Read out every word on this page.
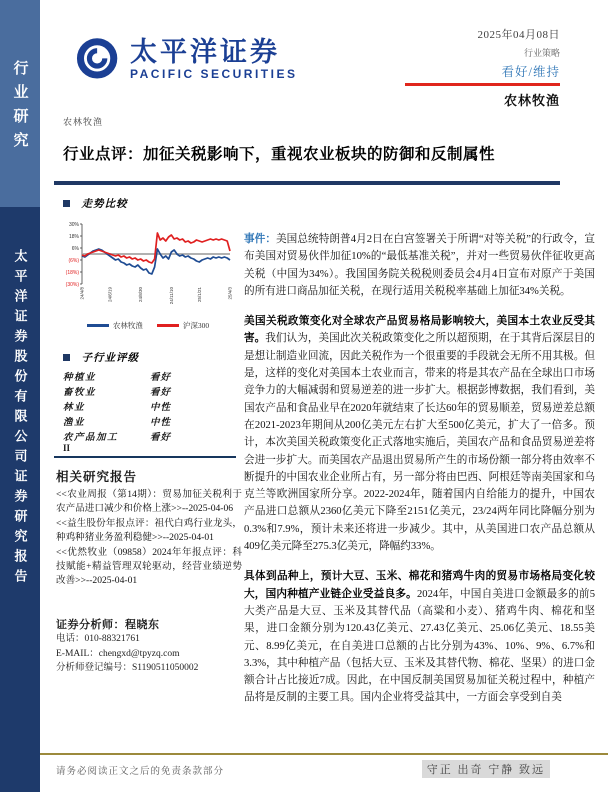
行业研究
太平洋证券股份有限公司证券研究报告
太平洋证券
PACIFIC SECURITIES
2025年04月08日
行业策略
看好/维持
农林牧渔
农林牧渔
行业点评：加征关税影响下，重视农业板块的防御和反制属性
走势比较
30%
18%
6%
(6%)
(18%)
(30%)
24/4/8	24/6/19	24/8/30	24/11/10	25/1/21	25/4/3
农林牧渔	沪深300
子行业评级
种植业	看好
畜牧业	看好
林业	中性
渔业	中性
农产品加工	看好
II
相关研究报告

<<农业周报（第14期）：贸易加征关税利于农产品进口减少和价格上涨>>--2025-04-06

<<益生股份年报点评：祖代白鸡行业龙头，种鸡种猪业务盈利稳健>>--2025-04-01

<<优然牧业（09858）2024年年报点评：科技赋能+精益管理双轮驱动，经营业绩逆势改善>>--2025-04-01

证券分析师：程晓东
电话：010-88321761
E-MAIL：chengxd@tpyzq.com
分析师登记编号：S1190511050002

事件：美国总统特朗普4月2日在白宫签署关于所谓“对等关税”的行政令，宣布美国对贸易伙伴加征10%的“最低基准关税”，并对一些贸易伙伴征收更高关税（中国为34%）。我国国务院关税税则委员会4月4日宣布对原产于美国的所有进口商品加征关税，在现行适用关税税率基础上加征34%关税。

美国关税政策变化对全球农产品贸易格局影响较大，美国本土农业反受其害。我们认为，美国此次关税政策变化之所以超预期，在于其背后深层目的是想让制造业回流，因此关税作为一个很重要的手段就会无所不用其极。但是，这样的变化对美国本土农业而言，带来的将是其农产品在全球出口市场竞争力的大幅减弱和贸易逆差的进一步扩大。根据彭博数据，我们看到，美国农产品和食品业早在2020年就结束了长达60年的贸易顺差，贸易逆差总额在2021-2023年期间从200亿美元左右扩大至500亿美元，扩大了一倍多。预计，本次美国关税政策变化正式落地实施后，美国农产品和食品贸易逆差将会进一步扩大。而美国农产品退出贸易所产生的市场份额一部分将由效率不断提升的中国农业企业所占有，另一部分将由巴西、阿根廷等南美国家和乌克兰等欧洲国家所分享。2022-2024年，随着国内自给能力的提升，中国农产品进口总额从2360亿美元下降至2151亿美元，23/24两年同比降幅分别为0.3%和7.9%，预计未来还将进一步减少。其中，从美国进口农产品总额从409亿美元降至275.3亿美元，降幅约33%。

具体到品种上，预计大豆、玉米、棉花和猪鸡牛肉的贸易市场格局变化较大，国内种植产业链企业受益良多。2024年，中国自美进口金额最多的前5大类产品是大豆、玉米及其替代品（高粱和小麦）、猪鸡牛肉、棉花和坚果，进口金额分别为120.43亿美元、27.43亿美元、25.06亿美元、18.55美元、8.99亿美元，在自美进口总额的占比分别为43%、10%、9%、6.7%和3.3%，其中种植产品（包括大豆、玉米及其替代物、棉花、坚果）的进口金额合计占比接近7成。因此，在中国反制美国贸易加征关税过程中，种植产品将是反制的主要工具。国内企业将受益其中，一方面会享受到自美

请务必阅读正文之后的免责条款部分	守正 出奇 宁静 致远
